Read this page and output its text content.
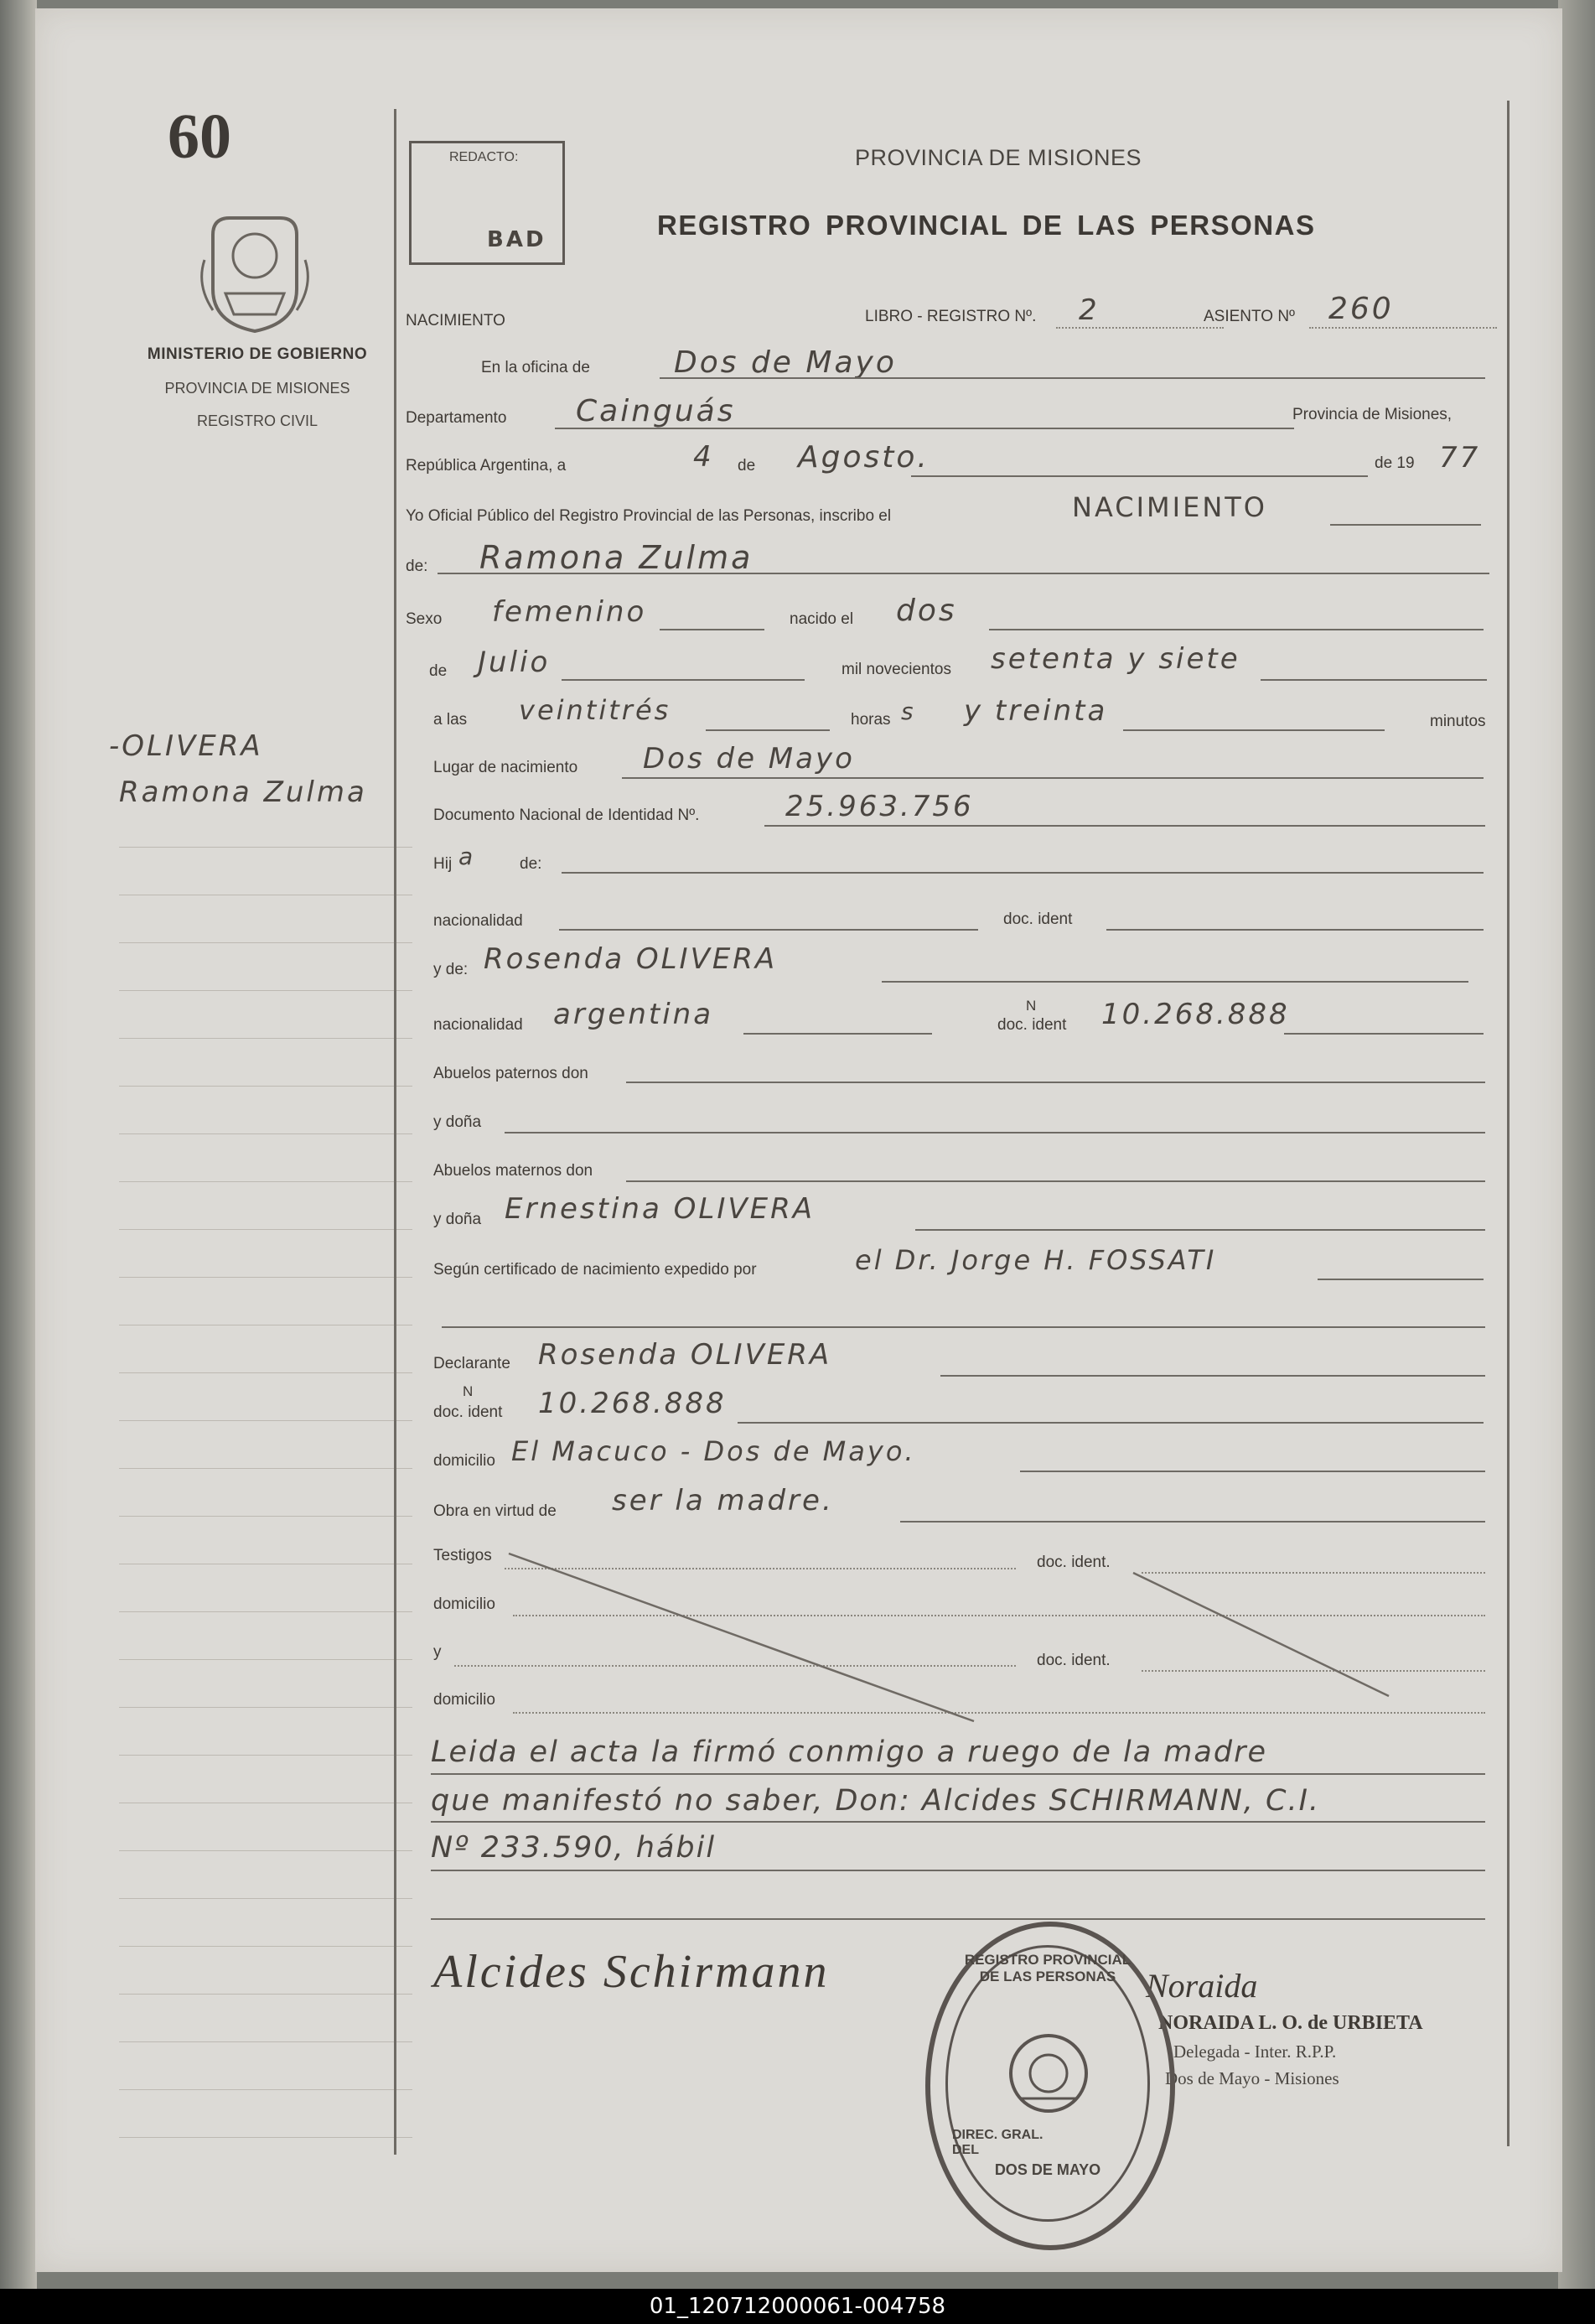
60
MINISTERIO DE GOBIERNO
PROVINCIA DE MISIONES
REGISTRO CIVIL
-OLIVERA
Ramona Zulma
REDACTO:
BAD
PROVINCIA DE MISIONES
REGISTRO PROVINCIAL DE LAS PERSONAS
NACIMIENTO	LIBRO - REGISTRO Nº. 2	ASIENTO Nº 260
En la oficina de	Dos de Mayo
Departamento Cainguás	Provincia de Misiones,
República Argentina, a	4 de Agosto.	de 19 77
Yo Oficial Público del Registro Provincial de las Personas, inscribo el	NACIMIENTO
de: Ramona Zulma
Sexo femenino	nacido el dos
de Julio	mil novecientos setenta y siete
a las veintitrés	horas s y treinta	minutos
Lugar de nacimiento Dos de Mayo
Documento Nacional de Identidad Nº.	25.963.756
Hij a	de:
nacionalidad	doc. ident
y de: Rosenda OLIVERA
nacionalidad argentina	doc. ident
N 10.268.888
Abuelos paternos don
y doña
Abuelos maternos don
y doña Ernestina OLIVERA
Según certificado de nacimiento expedido por	el Dr. Jorge H. FOSSATI
Declarante Rosenda OLIVERA
doc. ident
N 10.268.888
domicilio El Macuco - Dos de Mayo.
Obra en virtud de ser la madre.
Testigos	doc. ident.
domicilio
y	doc. ident.
domicilio
Leida el acta la firmó conmigo a ruego de la madre
que manifestó no saber, Don: Alcides SCHIRMANN, C.I.
Nº 233.590, hábil
Alcides Schirmann	Noraida
NORAIDA L. O. de URBIETA
Delegada - Inter. R.P.P.
Dos de Mayo - Misiones
REGISTRO PROVINCIAL DE LAS PERSONAS
DIREC. GRAL. DEL
DOS DE MAYO
01_120712000061-004758
